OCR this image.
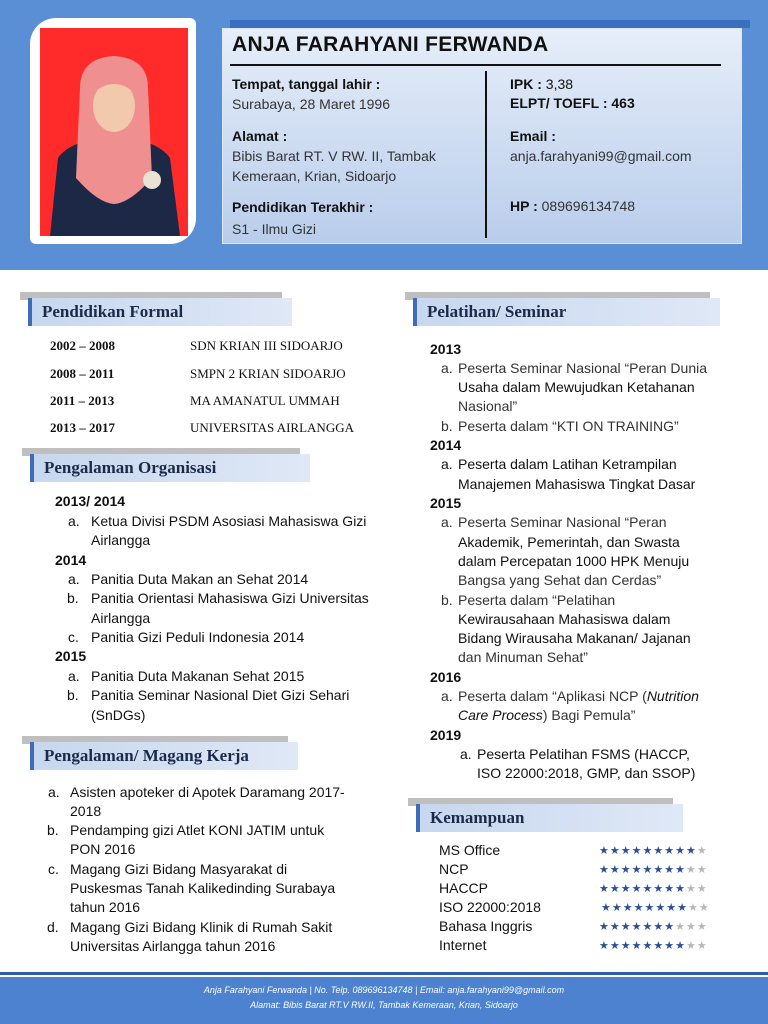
ANJA FARAHYANI FERWANDA
Tempat, tanggal lahir :
Surabaya, 28 Maret 1996
Alamat :
Bibis Barat RT. V RW. II, Tambak
Kemeraan, Krian, Sidoarjo
Pendidikan Terakhir :
S1 - Ilmu Gizi
IPK : 3,38
ELPT/ TOEFL : 463
Email :
anja.farahyani99@gmail.com
HP : 089696134748
Pendidikan Formal
2002 – 2008	SDN KRIAN III SIDOARJO
2008 – 2011	SMPN 2 KRIAN SIDOARJO
2011 – 2013	MA AMANATUL UMMAH
2013 – 2017	UNIVERSITAS AIRLANGGA
Pengalaman Organisasi
2013/ 2014
a. Ketua Divisi PSDM Asosiasi Mahasiswa Gizi
Airlangga
2014
a. Panitia Duta Makan an Sehat 2014
b. Panitia Orientasi Mahasiswa Gizi Universitas
Airlangga
c. Panitia Gizi Peduli Indonesia 2014
2015
a. Panitia Duta Makanan Sehat 2015
b. Panitia Seminar Nasional Diet Gizi Sehari
(SnDGs)
Pengalaman/ Magang Kerja
a. Asisten apoteker di Apotek Daramang 2017-
2018
b. Pendamping gizi Atlet KONI JATIM untuk
PON 2016
c. Magang Gizi Bidang Masyarakat di
Puskesmas Tanah Kalikedinding Surabaya
tahun 2016
d. Magang Gizi Bidang Klinik di Rumah Sakit
Universitas Airlangga tahun 2016
Pelatihan/ Seminar
2013
a. Peserta Seminar Nasional “Peran Dunia
Usaha dalam Mewujudkan Ketahanan
Nasional”
b. Peserta dalam “KTI ON TRAINING”
2014
a. Peserta dalam Latihan Ketrampilan
Manajemen Mahasiswa Tingkat Dasar
2015
a. Peserta Seminar Nasional “Peran
Akademik, Pemerintah, dan Swasta
dalam Percepatan 1000 HPK Menuju
Bangsa yang Sehat dan Cerdas”
b. Peserta dalam “Pelatihan
Kewirausahaan Mahasiswa dalam
Bidang Wirausaha Makanan/ Jajanan
dan Minuman Sehat”
2016
a. Peserta dalam “Aplikasi NCP (Nutrition
Care Process) Bagi Pemula”
2019
a. Peserta Pelatihan FSMS (HACCP,
ISO 22000:2018, GMP, dan SSOP)
Kemampuan
MS Office	★★★★★★★★★★
NCP	★★★★★★★★★★
HACCP	★★★★★★★★★★
ISO 22000:2018	★★★★★★★★★★
Bahasa Inggris	★★★★★★★★★★
Internet	★★★★★★★★★★
Anja Farahyani Ferwanda | No. Telp. 089696134748 | Email: anja.farahyani99@gmail.com
Alamat: Bibis Barat RT.V RW.II, Tambak Kemeraan, Krian, Sidoarjo
